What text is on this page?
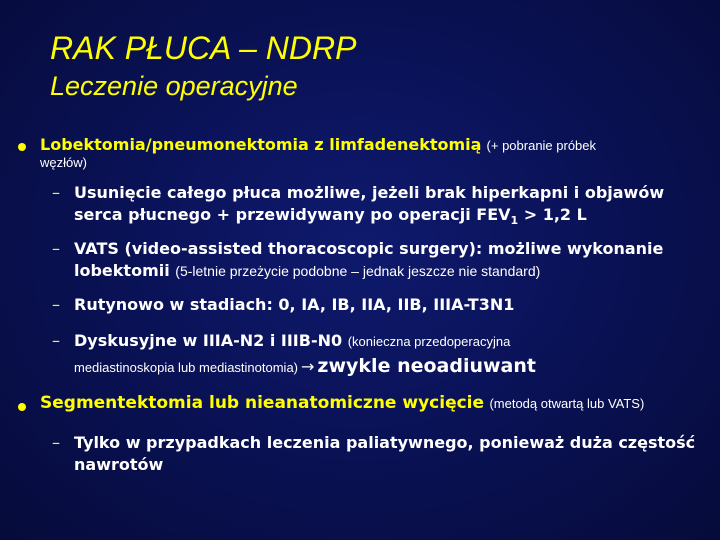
RAK PŁUCA – NDRP
Leczenie operacyjne
Lobektomia/pneumonektomia z limfadenektomią (+ pobranie próbek
węzłów)
– Usunięcie całego płuca możliwe, jeżeli brak hiperkapni i objawów
serca płucnego + przewidywany po operacji $FEV_1 > 1,2$ L
– VATS (video-assisted thoracoscopic surgery): możliwe wykonanie
lobektomii (5-letnie przeżycie podobne – jednak jeszcze nie standard)
– Rutynowo w stadiach: 0, IA, IB, IIA, IIB, IIIA-T3N1
– Dyskusyjne w IIIA-N2 i IIIB-N0 (konieczna przedoperacyjna
mediastinoskopia lub mediastinotomia) → zwykle neoadiuwant
Segmentektomia lub nieanatomiczne wycięcie (metodą otwartą lub VATS)
– Tylko w przypadkach leczenia paliatywnego, ponieważ duża częstość
nawrotów
